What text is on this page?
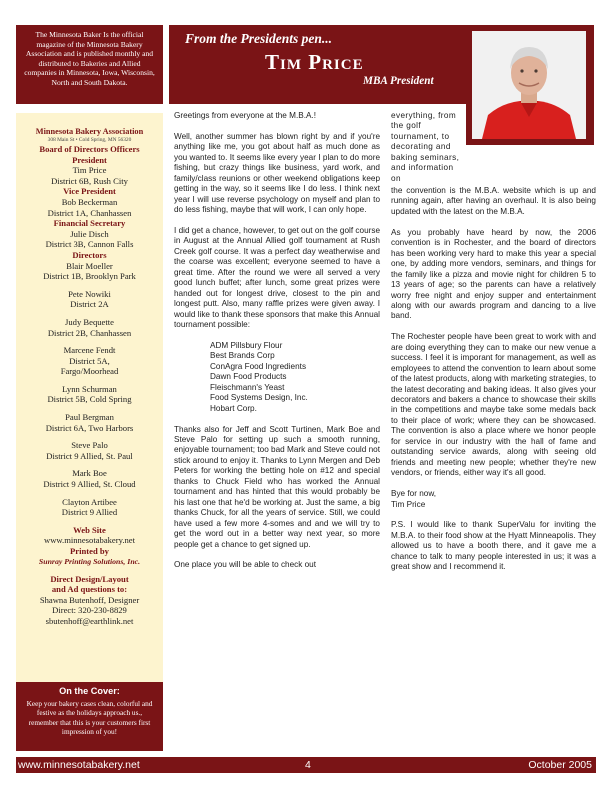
The Minnesota Baker Is the official magazine of the Minnesota Bakery Association and is published monthly and distributed to Bakeries and Allied companies in Minnesota, Iowa, Wisconsin, North and South Dakota.

Minnesota Bakery Association
308 Main St • Cold Spring, MN 56320
Board of Directors Officers
President
Tim Price
District 6B, Rush City
Vice President
Bob Beckerman
District 1A, Chanhassen
Financial Secretary
Julie Disch
District 3B, Cannon Falls
Directors
Blair Moeller
District 1B, Brooklyn Park
Pete Nowiki
District 2A
Judy Bequette
District 2B, Chanhassen
Marcene Fendt
District 5A,
Fargo/Moorhead
Lynn Schurman
District 5B, Cold Spring
Paul Bergman
District 6A, Two Harbors
Steve Palo
District 9 Allied, St. Paul
Mark Boe
District 9 Allied, St. Cloud
Clayton Artibee
District 9 Allied
Web Site
www.minnesotabakery.net
Printed by
Sunray Printing Solutions, Inc.
Direct Design/Layout
and Ad questions to:
Shawna Butenhoff, Designer
Direct: 320-230-8829
sbutenhoff@earthlink.net
On the Cover:
Keep your bakery cases clean, colorful and festive as the holidays approach us., remember that this is your customers first impression of you!
From the Presidents pen...
TIM PRICE
MBA President

Greetings from everyone at the M.B.A.!

Well, another summer has blown right by and if you're anything like me, you got about half as much done as you wanted to. It seems like every year I plan to do more fishing, but crazy things like business, yard work, and family/class reunions or other weekend obligations keep getting in the way, so it seems like I do less. I think next year I will use reverse psychology on myself and plan to do less fishing, maybe that will work, I can only hope.

I did get a chance, however, to get out on the golf course in August at the Annual Allied golf tournament at Rush Creek golf course. It was a perfect day weatherwise and the coarse was excellent; everyone seemed to have a great time. After the round we were all served a very good lunch buffet; after lunch, some great prizes were handed out for longest drive, closest to the pin and longest putt. Also, many raffle prizes were given away. I would like to thank these sponsors that make this Annual tournament possible:

ADM Pillsbury Flour
Best Brands Corp
ConAgra Food Ingredients
Dawn Food Products
Fleischmann's Yeast
Food Systems Design, Inc.
Hobart Corp.

Thanks also for Jeff and Scott Turtinen, Mark Boe and Steve Palo for setting up such a smooth running, enjoyable tournament; too bad Mark and Steve could not stick around to enjoy it. Thanks to Lynn Mergen and Deb Peters for working the betting hole on #12 and special thanks to Chuck Field who has worked the Annual tournament and has hinted that this would probably be his last one that he'd be working at. Just the same, a big thanks Chuck, for all the years of service. Still, we could have used a few more 4-somes and and we will try to get the word out in a better way next year, so more people get a chance to get signed up.

One place you will be able to check out

everything, from the golf tournament, to decorating and baking seminars, and information on

the convention is the M.B.A. website which is up and running again, after having an overhaul. It is also being updated with the latest on the M.B.A.

As you probably have heard by now, the 2006 convention is in Rochester, and the board of directors has been working very hard to make this year a special one, by adding more vendors, seminars, and things for the family like a pizza and movie night for children 5 to 13 years of age; so the parents can have a relatively worry free night and enjoy supper and entertainment along with our awards program and dancing to a live band.

The Rochester people have been great to work with and are doing everything they can to make our new venue a success. I feel it is imporant for management, as well as employees to attend the convention to learn about some of the latest products, along with marketing strategies, to the latest decorating and baking ideas. It also gives your decorators and bakers a chance to showcase their skills in the competitions and maybe take some medals back to their place of work; where they can be showcased. The convention is also a place where we honor people for service in our industry with the hall of fame and outstanding service awards, along with seeing old friends and meeting new people; whether they're new vendors, or friends, either way it's all good.

Bye for now,

Tim Price

P.S. I would like to thank SuperValu for inviting the M.B.A. to their food show at the Hyatt Minneapolis. They allowed us to have a booth there, and it gave me a chance to talk to many people interested in us; it was a great show and I recommend it.

www.minnesotabakery.net	4	October 2005
